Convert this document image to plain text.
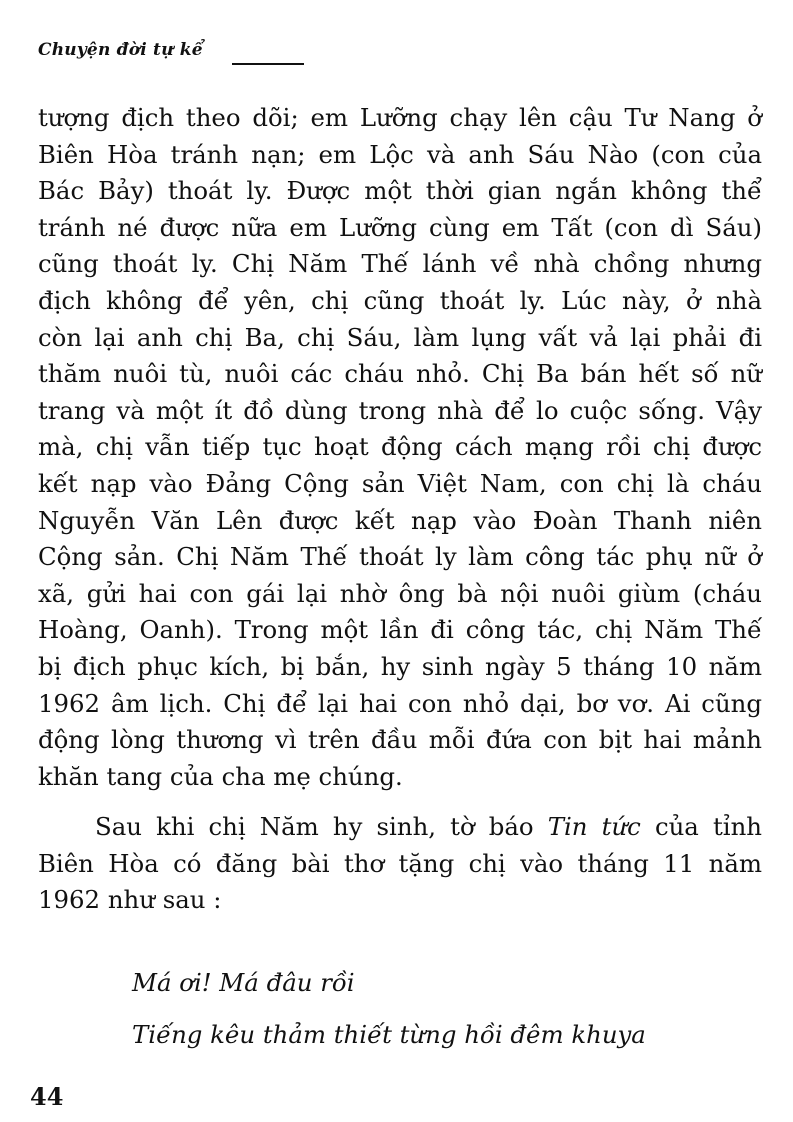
Chuyện đời tự kể
tượng địch theo dõi; em Lưỡng chạy lên cậu Tư Nang ở
Biên Hòa tránh nạn; em Lộc và anh Sáu Nào (con của
Bác Bảy) thoát ly. Được một thời gian ngắn không thể
tránh né được nữa em Lưỡng cùng em Tất (con dì Sáu)
cũng thoát ly. Chị Năm Thế lánh về nhà chồng nhưng
địch không để yên, chị cũng thoát ly. Lúc này, ở nhà
còn lại anh chị Ba, chị Sáu, làm lụng vất vả lại phải đi
thăm nuôi tù, nuôi các cháu nhỏ. Chị Ba bán hết số nữ
trang và một ít đồ dùng trong nhà để lo cuộc sống. Vậy
mà, chị vẫn tiếp tục hoạt động cách mạng rồi chị được
kết nạp vào Đảng Cộng sản Việt Nam, con chị là cháu
Nguyễn Văn Lên được kết nạp vào Đoàn Thanh niên
Cộng sản. Chị Năm Thế thoát ly làm công tác phụ nữ ở
xã, gửi hai con gái lại nhờ ông bà nội nuôi giùm (cháu
Hoàng, Oanh). Trong một lần đi công tác, chị Năm Thế
bị địch phục kích, bị bắn, hy sinh ngày 5 tháng 10 năm
1962 âm lịch. Chị để lại hai con nhỏ dại, bơ vơ. Ai cũng
động lòng thương vì trên đầu mỗi đứa con bịt hai mảnh
khăn tang của cha mẹ chúng.
Sau khi chị Năm hy sinh, tờ báo Tin tức của tỉnh
Biên Hòa có đăng bài thơ tặng chị vào tháng 11 năm
1962 như sau :
Má ơi! Má đâu rồi
Tiếng kêu thảm thiết từng hồi đêm khuya
44
